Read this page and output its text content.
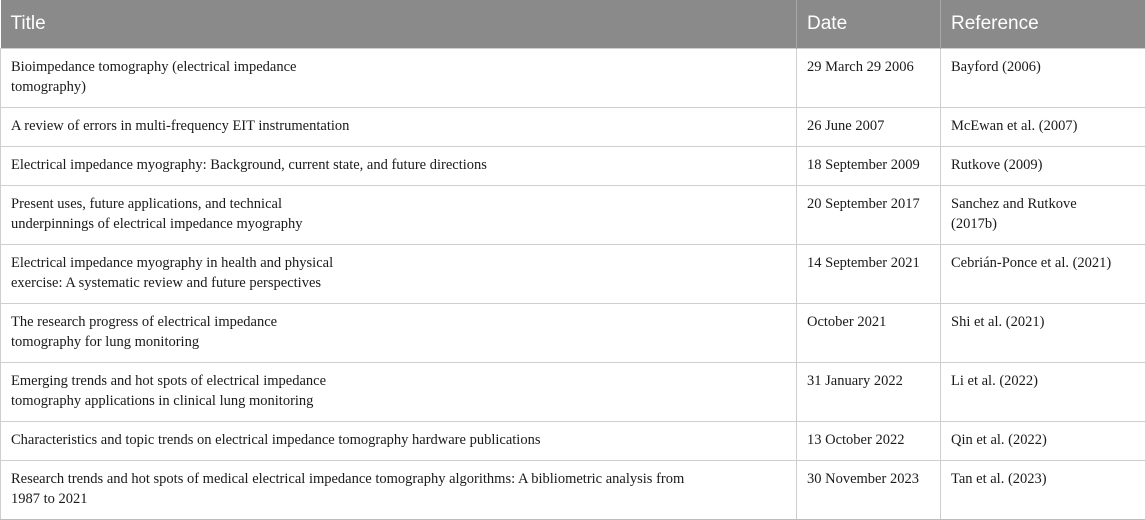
Title	Date	Reference

Bioimpedance tomography (electrical impedance
tomography)	29 March 29 2006	Bayford (2006)

A review of errors in multi-frequency EIT instrumentation	26 June 2007	McEwan et al. (2007)

Electrical impedance myography: Background, current state, and future directions	18 September 2009	Rutkove (2009)

Present uses, future applications, and technical
underpinnings of electrical impedance myography	20 September 2017	Sanchez and Rutkove
(2017b)

Electrical impedance myography in health and physical
exercise: A systematic review and future perspectives	14 September 2021	Cebrián-Ponce et al. (2021)

The research progress of electrical impedance
tomography for lung monitoring	October 2021	Shi et al. (2021)

Emerging trends and hot spots of electrical impedance
tomography applications in clinical lung monitoring	31 January 2022	Li et al. (2022)

Characteristics and topic trends on electrical impedance tomography hardware publications	13 October 2022	Qin et al. (2022)

Research trends and hot spots of medical electrical impedance tomography algorithms: A bibliometric analysis from
1987 to 2021	30 November 2023	Tan et al. (2023)
